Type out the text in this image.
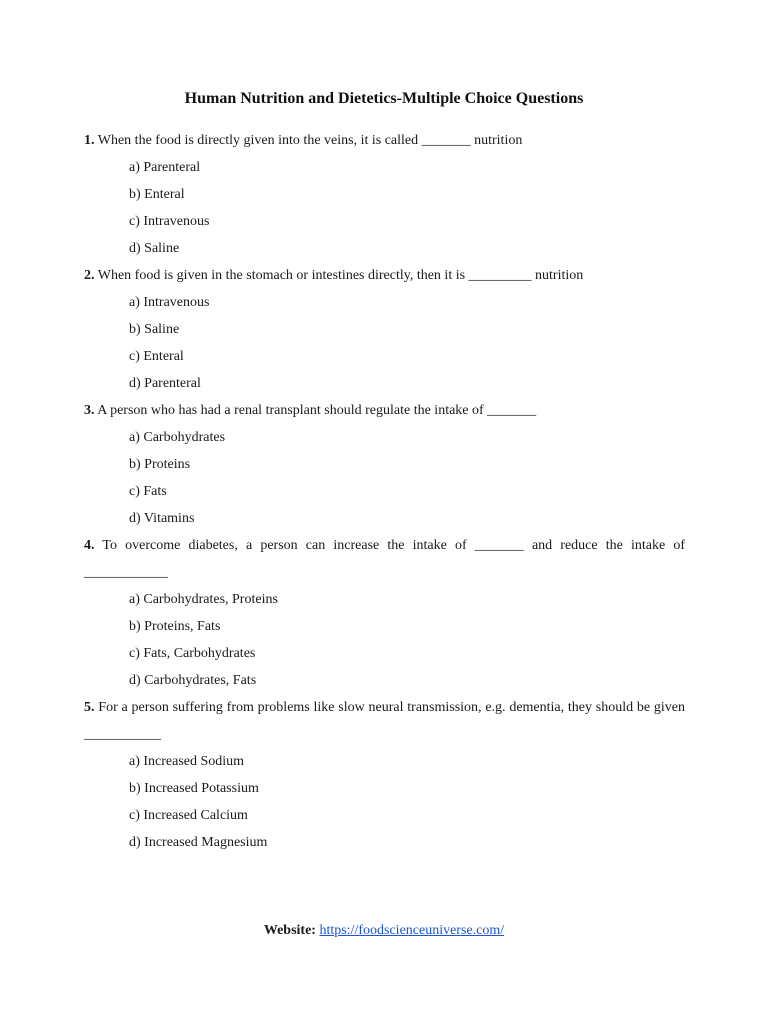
Human Nutrition and Dietetics-Multiple Choice Questions
1. When the food is directly given into the veins, it is called _______ nutrition
a) Parenteral
b) Enteral
c) Intravenous
d) Saline
2. When food is given in the stomach or intestines directly, then it is _________ nutrition
a) Intravenous
b) Saline
c) Enteral
d) Parenteral
3. A person who has had a renal transplant should regulate the intake of _______
a) Carbohydrates
b) Proteins
c) Fats
d) Vitamins
4. To overcome diabetes, a person can increase the intake of _______ and reduce the intake of ____________
a) Carbohydrates, Proteins
b) Proteins, Fats
c) Fats, Carbohydrates
d) Carbohydrates, Fats
5. For a person suffering from problems like slow neural transmission, e.g. dementia, they should be given ___________
a) Increased Sodium
b) Increased Potassium
c) Increased Calcium
d) Increased Magnesium
Website: https://foodscienceuniverse.com/
